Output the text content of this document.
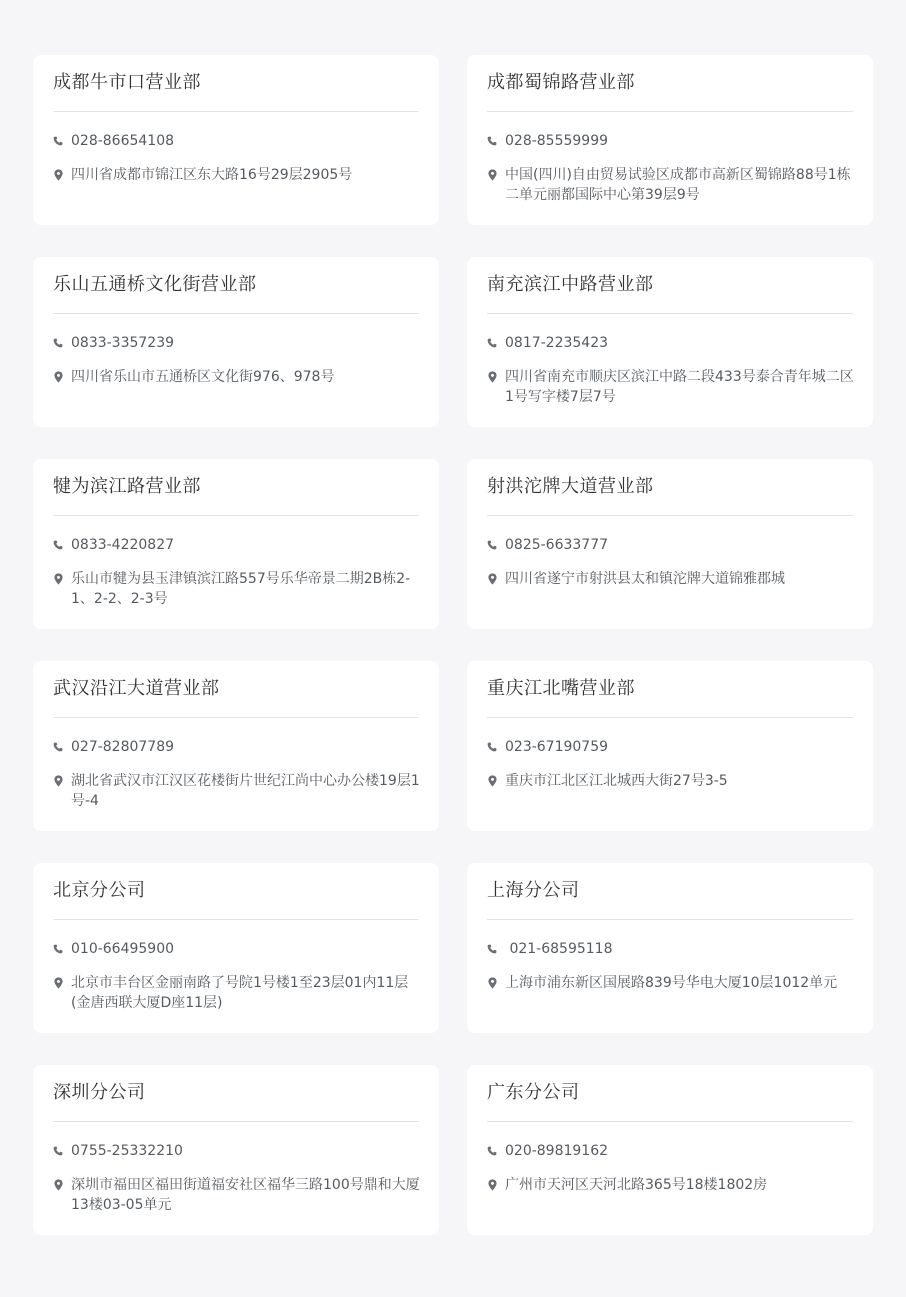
成都牛市口营业部
028-86654108
四川省成都市锦江区东大路16号29层2905号
成都蜀锦路营业部
028-85559999
中国(四川)自由贸易试验区成都市高新区蜀锦路88号1栋二单元丽都国际中心第39层9号
乐山五通桥文化街营业部
0833-3357239
四川省乐山市五通桥区文化街976、978号
南充滨江中路营业部
0817-2235423
四川省南充市顺庆区滨江中路二段433号泰合青年城二区1号写字楼7层7号
犍为滨江路营业部
0833-4220827
乐山市犍为县玉津镇滨江路557号乐华帝景二期2B栋2-1、2-2、2-3号
射洪沱牌大道营业部
0825-6633777
四川省遂宁市射洪县太和镇沱牌大道锦雅郡城
武汉沿江大道营业部
027-82807789
湖北省武汉市江汉区花楼街片世纪江尚中心办公楼19层1号-4
重庆江北嘴营业部
023-67190759
重庆市江北区江北城西大街27号3-5
北京分公司
010-66495900
北京市丰台区金丽南路了号院1号楼1至23层01内11层(金唐西联大厦D座11层)
上海分公司
021-68595118
上海市浦东新区国展路839号华电大厦10层1012单元
深圳分公司
0755-25332210
深圳市福田区福田街道福安社区福华三路100号鼎和大厦13楼03-05单元
广东分公司
020-89819162
广州市天河区天河北路365号18楼1802房
